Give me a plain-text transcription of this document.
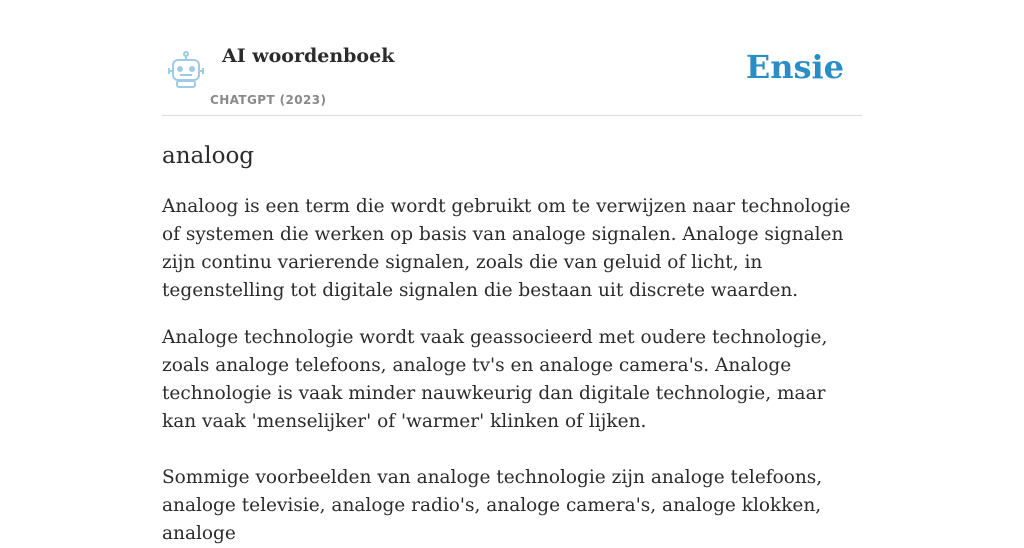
AI woordenboek
CHATGPT (2023)
Ensie
analoog

Analoog is een term die wordt gebruikt om te verwijzen naar technologie of systemen die werken op basis van analoge signalen. Analoge signalen zijn continu varierende signalen, zoals die van geluid of licht, in tegenstelling tot digitale signalen die bestaan uit discrete waarden.

Analoge technologie wordt vaak geassocieerd met oudere technologie, zoals analoge telefoons, analoge tv's en analoge camera's. Analoge technologie is vaak minder nauwkeurig dan digitale technologie, maar kan vaak 'menselijker' of 'warmer' klinken of lijken.

Sommige voorbeelden van analoge technologie zijn analoge telefoons, analoge televisie, analoge radio's, analoge camera's, analoge klokken, analoge
